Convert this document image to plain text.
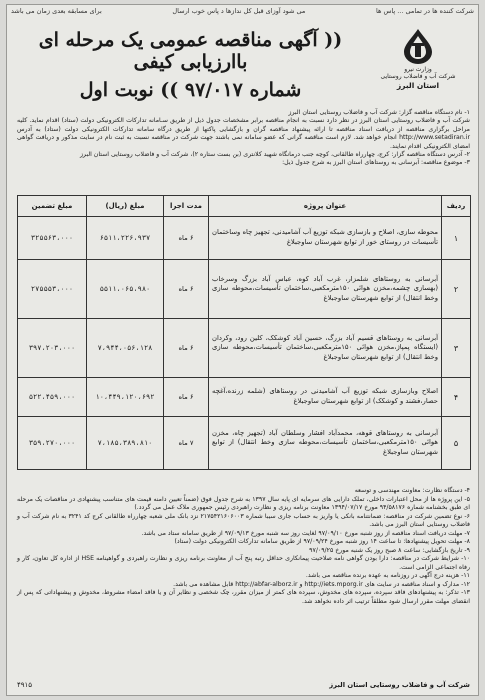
شرکت کننده ها در تمامی ... پاس ها
می شود آوزای قبل کل ندازها د پاس خوب ارسال
برای مسابقه بعدی زمان می باشد
وزارت نیرو
شرکت آب و فاضلاب روستایی
استان البرز
(( آگهی مناقصه عمومی یک مرحله ای باارزیابی کیفی
شماره ۹۷/۰۱۷ )) نوبت اول

۱- نام دستگاه مناقصه گزار: شرکت آب و فاضلاب روستایی استان البرز

شرکت آب و فاضلاب روستایی استان البرز در نظر دارد نسبت به انجام مناقصه برابر مشخصات جدول ذیل از طریق سـامانه تدارکات الکترونیکی دولت (ستاد) اقدام نماید. کلیه مراحل برگزاری مناقصه از دریافت اسناد مناقصه تا ارائه پیشنهاد مناقصه گران و بازگشایی پاکتها از طریق درگاه سامانه تدارکات الکترونیکی دولت (ستاد) به آدرس http://www.setadiran.ir انجام خواهد شد. لازم است مناقصه گرانی که عضو سامانه نمی باشند جهت شرکت در مناقصه نسبت به ثبت نام در سایت مذکور و دریافت گواهی امضای الکترونیکی اقدام نمایند.

۲- آدرس دستگاه مناقصه گزار: کرج، چهارراه طالقانی، کوچه جنب درمانگاه شهید کلانتری (بن بست ستاره ۲)، شرکت آب و فاضلاب روستایی استان البرز

۳- موضوع مناقصه: آبرسانی به روستاهای استان البرز به شرح جدول ذیل:

ردیف	عنوان پروژه	مدت اجرا	مبلغ (ریال)	مبلغ تضمین
۱	محوطه سازی، اصلاح و بازسازی شبکه توزیع آب آشامیدنی، تجهیز چاه وساختمان تأسیسات در روستای خور از توابع شهرستان ساوجبلاغ	۶ ماه	۶۵۱۱،۲۲۶،۹۳۷	۳۲۵۵۶۳،۰۰۰
۲	آبرسانی به روستاهای شلمزار، غرب آباد کوه، عباس آباد بزرگ وسرخاب (بهسازی چشمه،مخزن هوائی ۱۵۰مترمکعبی،ساختمان تأسیسات،محوطه سازی وخط انتقال) از توابع شهرستان ساوجبلاغ	۶ ماه	۵۵۱۱،۰۶۵،۹۸۰	۲۷۵۵۵۳،۰۰۰
۳	آبرسانی به روستاهای قسیم آباد بزرگ، حسین آباد کوشکک، کلین رود، وکردان (ایستگاه پمپاژ،مخزن هوائی ۱۵۰مترمکعبی،ساختمان تأسیسات،محوطه سازی وخط انتقال) از توابع شهرستان ساوجبلاغ	۶ ماه	۷،۹۴۴،۰۵۶،۱۲۸	۳۹۷،۲۰۳،۰۰۰
۴	اصلاح وبازسازی شبکه توزیع آب آشامیدنی در روستاهای (شلمه زرنده،آغچه حصار،فشند و کوشکک) از توابع شهرستان ساوجبلاغ	۶ ماه	۱۰،۴۴۹،۱۲۰،۶۹۲	۵۲۲،۴۵۹،۰۰۰
۵	آبرسانی به روستاهای قوهه، محمدآباد افشار وسلطان آباد (تجهیز چاه، مخزن هوائی ۱۵۰مترمکعبی،ساختمان تأسیسات،محوطه سازی وخط انتقال) از توابع شهرستان ساوجبلاغ	۷ ماه	۷،۱۸۵،۳۸۹،۸۱۰	۳۵۹،۲۷۰،۰۰۰

۴- دستگاه نظارت: معاونت مهندسی و توسعه

۵- این پروژه ها از محل اعتبارات داخلی، تملک دارایی های سرمایه ای پایه سال ۱۳۹۷ به شرح جدول فوق (ضمناً تعیین دامنه قیمت های متناسب پیشنهادی در مناقصات یک مرحله ای طبق بخشنامه شماره ۹۴/۵۸۱۷۶ مورخ ۱۳۹۴/۰۷/۱۷ معاونت برنامه ریزی و نظارت راهبردی رئیس جمهوری ملاک عمل می گردد.)

۶- نوع تضمین شرکت در مناقصه: ضمانتنامه بانکی یا واریز به حساب جاری سیبا شماره ۲۱۷۵۴۲۱۶۰۶۰۰۳ نزد بانک ملی شعبه چهارراه طالقانی کرج کد ۳۲۴۱ به نام شرکت آب و فاضلاب روستایی استان البرز می باشد.

۷- مهلت دریافت اسناد مناقصه از روز شنبه مورخ ۹۷/۰۹/۱۰ لغایت روز سه شنبه مورخ ۹۷/۰۹/۱۳ از طریق سامانه ستاد می باشد.

۸- مهلت تحویل پیشنهادها: تا ساعت ۱۴ روز شنبه مورخ ۹۷/۰۹/۲۴ از طریق سامانه تدارکات الکترونیکی دولت (ستاد)

۹- تاریخ بازگشایی: ساعت ۸ صبح روز یک شنبه مورخ ۹۷/۰۹/۲۵

۱۰- شرایط شرکت در مناقصه: دارا بودن گواهی نامه صلاحیت پیمانکاری حداقل رتبه پنج آب از معاونت برنامه ریزی و نظارت راهبردی و گواهینامه HSE از اداره کل تعاون، کار و رفاه اجتماعی الزامی است.

۱۱- هزینه درج آگهی در روزنامه به عهده برنده مناقصه می باشد.

۱۲- مدارک و اسناد مناقصه در سایت های http://iets.mporg.ir و http://abfar-alborz.ir قابل مشاهده می باشد.

۱۳- تذکر: به پیشنهادهای فاقد سپرده، سپرده های مخدوش، سپرده های کمتر از میزان مقرر، چک شخصی و نظایر آن و یا فاقد امضاء مشروط، مخدوش و پیشنهاداتی که پس از انقضای مهلت مقرر ارسال شود مطلقاً ترتیب اثر داده نخواهد شد.

شرکت آب و فاضلاب روستایی استان البرز
۴۹۱۵
